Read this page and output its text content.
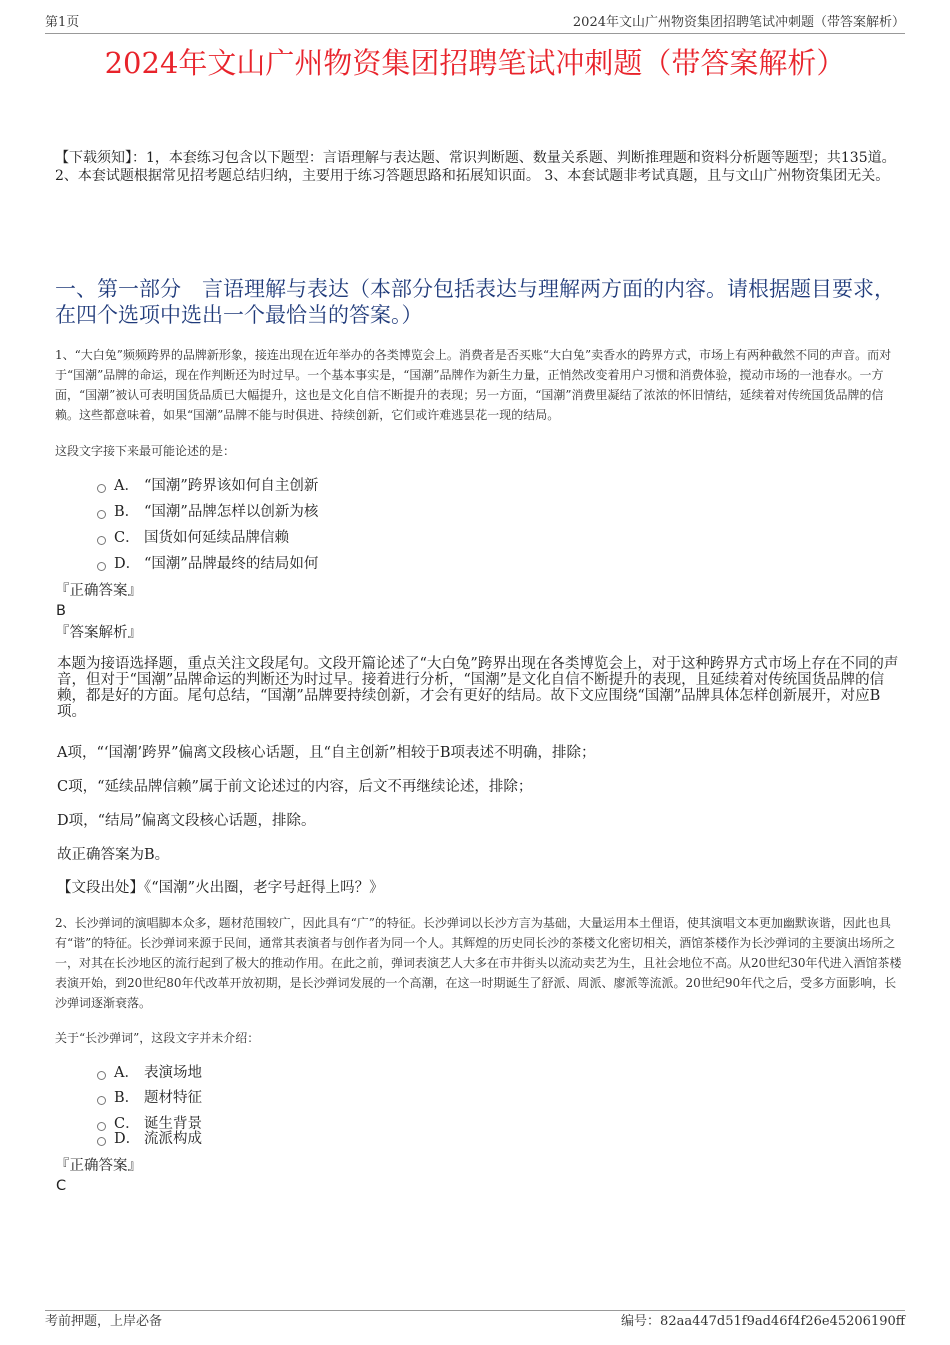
第1页	2024年文山广州物资集团招聘笔试冲刺题（带答案解析）
2024年文山广州物资集团招聘笔试冲刺题（带答案解析）
【下载须知】：1，本套练习包含以下题型：言语理解与表达题、常识判断题、数量关系题、判断推理题和资料分析题等题型；共135道。 2、本套试题根据常见招考题总结归纳，主要用于练习答题思路和拓展知识面。 3、本套试题非考试真题，且与文山广州物资集团无关。
一、第一部分　言语理解与表达（本部分包括表达与理解两方面的内容。请根据题目要求，在四个选项中选出一个最恰当的答案。）
1、“大白兔”频频跨界的品牌新形象，接连出现在近年举办的各类博览会上。消费者是否买账“大白兔”卖香水的跨界方式，市场上有两种截然不同的声音。而对于“国潮”品牌的命运，现在作判断还为时过早。一个基本事实是，“国潮”品牌作为新生力量，正悄然改变着用户习惯和消费体验，搅动市场的一池春水。一方面，“国潮”被认可表明国货品质已大幅提升，这也是文化自信不断提升的表现；另一方面，“国潮”消费里凝结了浓浓的怀旧情结，延续着对传统国货品牌的信赖。这些都意味着，如果“国潮”品牌不能与时俱进、持续创新，它们或许难逃昙花一现的结局。
这段文字接下来最可能论述的是：
A． “国潮”跨界该如何自主创新
B． “国潮”品牌怎样以创新为核
C． 国货如何延续品牌信赖
D． “国潮”品牌最终的结局如何
『正确答案』
B
『答案解析』
本题为接语选择题，重点关注文段尾句。文段开篇论述了“大白兔”跨界出现在各类博览会上，对于这种跨界方式市场上存在不同的声音，但对于“国潮”品牌命运的判断还为时过早。接着进行分析，“国潮”是文化自信不断提升的表现，且延续着对传统国货品牌的信赖，都是好的方面。尾句总结，“国潮”品牌要持续创新，才会有更好的结局。故下文应围绕“国潮”品牌具体怎样创新展开，对应B项。
A项，“‘国潮’跨界”偏离文段核心话题，且“自主创新”相较于B项表述不明确，排除；
C项，“延续品牌信赖”属于前文论述过的内容，后文不再继续论述，排除；
D项，“结局”偏离文段核心话题，排除。
故正确答案为B。
【文段出处】《“国潮”火出圈，老字号赶得上吗？》
2、长沙弹词的演唱脚本众多，题材范围较广，因此具有“广”的特征。长沙弹词以长沙方言为基础，大量运用本土俚语，使其演唱文本更加幽默诙谐，因此也具有“谐”的特征。长沙弹词来源于民间，通常其表演者与创作者为同一个人。其辉煌的历史同长沙的茶楼文化密切相关，酒馆茶楼作为长沙弹词的主要演出场所之一，对其在长沙地区的流行起到了极大的推动作用。在此之前，弹词表演艺人大多在市井街头以流动卖艺为生，且社会地位不高。从20世纪30年代进入酒馆茶楼表演开始，到20世纪80年代改革开放初期，是长沙弹词发展的一个高潮，在这一时期诞生了舒派、周派、廖派等流派。20世纪90年代之后，受多方面影响，长沙弹词逐渐衰落。
关于“长沙弹词”，这段文字并未介绍：
A． 表演场地
B． 题材特征
C． 诞生背景
D． 流派构成
『正确答案』
C
考前押题，上岸必备	编号：82aa447d51f9ad46f4f26e45206190ff
